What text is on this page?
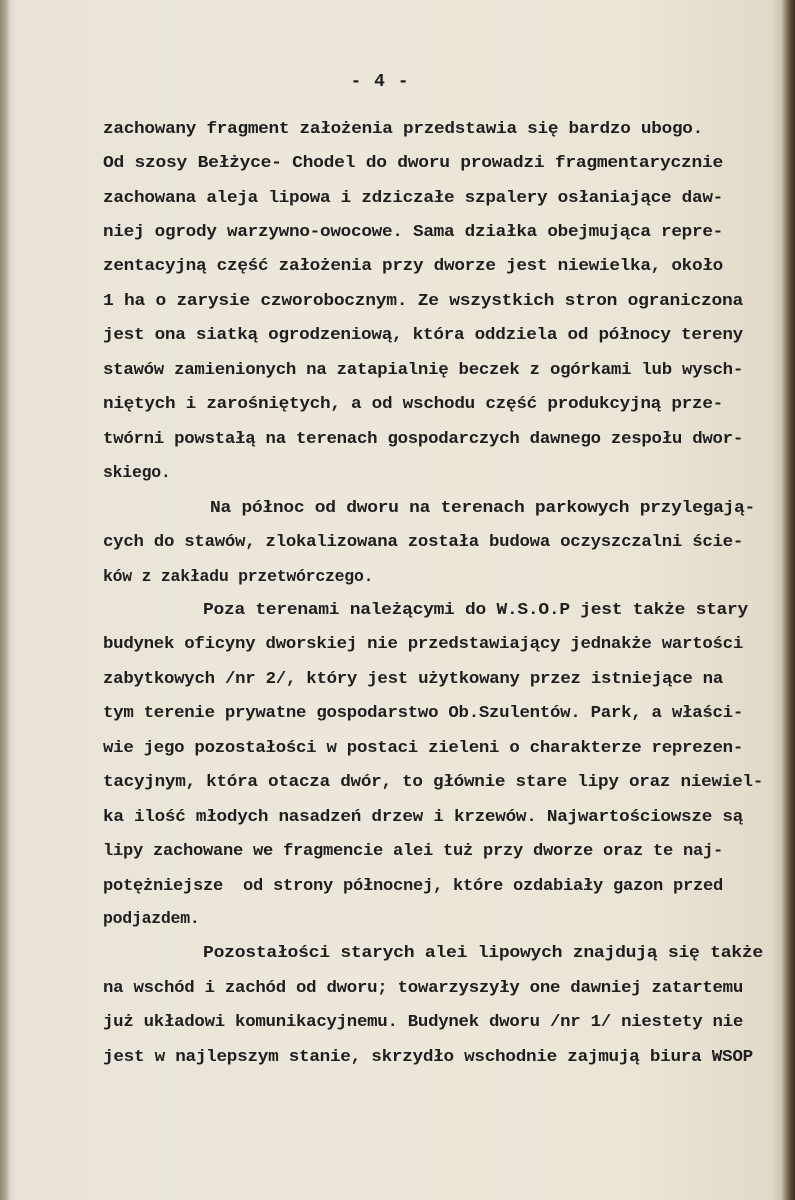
- 4 -
zachowany fragment założenia przedstawia się bardzo ubogo.
Od szosy Bełżyce- Chodel do dworu prowadzi fragmentarycznie
zachowana aleja lipowa i zdziczałe szpalery osłaniające daw-
niej ogrody warzywno-owocowe. Sama działka obejmująca repre-
zentacyjną część założenia przy dworze jest niewielka, około
1 ha o zarysie czworobocznym. Ze wszystkich stron ograniczona
jest ona siatką ogrodzeniową, która oddziela od północy tereny
stawów zamienionych na zatapialnię beczek z ogórkami lub wysch-
niętych i zarośniętych, a od wschodu część produkcyjną prze-
twórni powstałą na terenach gospodarczych dawnego zespołu dwor-
skiego.
Na północ od dworu na terenach parkowych przylegają-
cych do stawów, zlokalizowana została budowa oczyszczalni ście-
ków z zakładu przetwórczego.
Poza terenami należącymi do W.S.O.P jest także stary
budynek oficyny dworskiej nie przedstawiający jednakże wartości
zabytkowych /nr 2/, który jest użytkowany przez istniejące na
tym terenie prywatne gospodarstwo Ob.Szulentów. Park, a właści-
wie jego pozostałości w postaci zieleni o charakterze reprezen-
tacyjnym, która otacza dwór, to głównie stare lipy oraz niewiel-
ka ilość młodych nasadzeń drzew i krzewów. Najwartościowsze są
lipy zachowane we fragmencie alei tuż przy dworze oraz te naj-
potężniejsze  od strony północnej, które ozdabiały gazon przed
podjazdem.
Pozostałości starych alei lipowych znajdują się także
na wschód i zachód od dworu; towarzyszyły one dawniej zatartemu
już układowi komunikacyjnemu. Budynek dworu /nr 1/ niestety nie
jest w najlepszym stanie, skrzydło wschodnie zajmują biura WSOP
